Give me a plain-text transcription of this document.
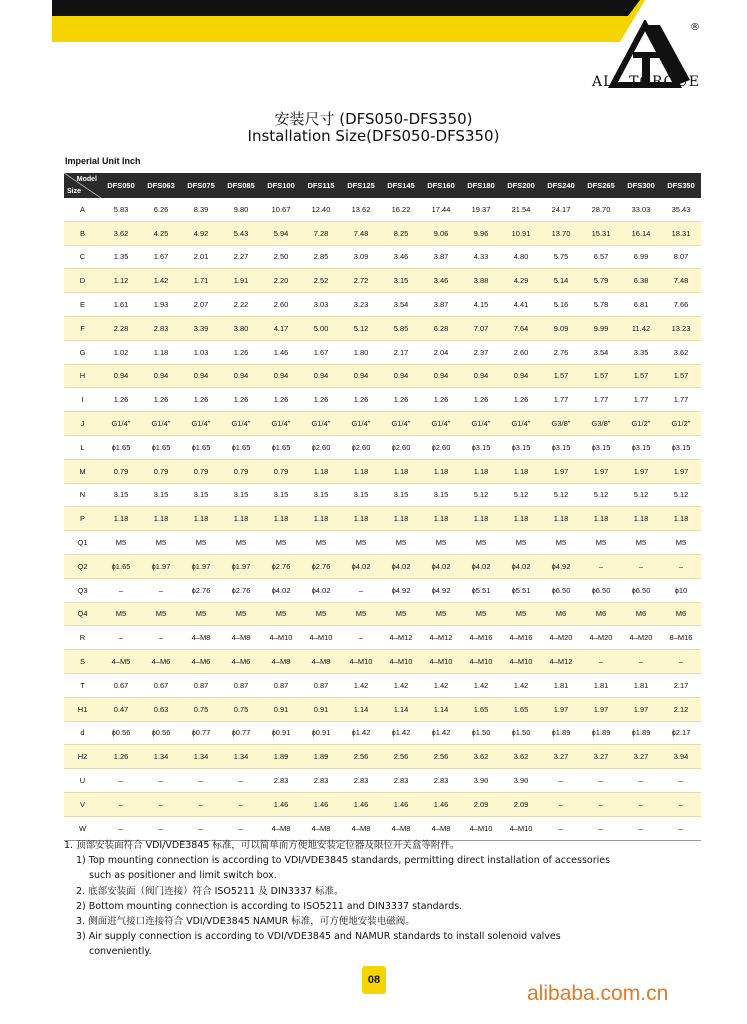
®
ALL TORQUE
安装尺寸 (DFS050-DFS350)
Installation Size(DFS050-DFS350)
Imperial Unit Inch
Model
Size	DFS050	DFS063	DFS075	DFS085	DFS100	DFS115	DFS125	DFS145	DFS160	DFS180	DFS200	DFS240	DFS265	DFS300	DFS350
A	5.83	6.26	8.39	9.80	10.67	12.40	13.62	16.22	17.44	19.37	21.54	24.17	28.70	33.03	35.43
B	3.62	4.25	4.92	5.43	5.94	7.28	7.48	8.25	9.06	9.96	10.91	13.70	15.31	16.14	18.31
C	1.35	1.67	2.01	2.27	2.50	2.85	3.09	3.46	3.87	4.33	4.80	5.75	6.57	6.99	8.07
D	1.12	1.42	1.71	1.91	2.20	2.52	2.72	3.15	3.46	3.88	4.29	5.14	5.79	6.38	7.48
E	1.61	1.93	2.07	2.22	2.60	3.03	3.23	3.54	3.87	4.15	4.41	5.16	5.78	6.81	7.66
F	2.28	2.83	3.39	3.80	4.17	5.00	5.12	5.85	6.28	7.07	7.64	9.09	9.99	11.42	13.23
G	1.02	1.18	1.03	1.26	1.46	1.67	1.80	2.17	2.04	2.37	2.60	2.76	3.54	3.35	3.62
H	0.94	0.94	0.94	0.94	0.94	0.94	0.94	0.94	0.94	0.94	0.94	1.57	1.57	1.57	1.57
I	1.26	1.26	1.26	1.26	1.26	1.26	1.26	1.26	1.26	1.26	1.26	1.77	1.77	1.77	1.77
J	G1/4"	G1/4"	G1/4"	G1/4"	G1/4"	G1/4"	G1/4"	G1/4"	G1/4"	G1/4"	G1/4"	G3/8"	G3/8"	G1/2"	G1/2"
L	ϕ1.65	ϕ1.65	ϕ1.65	ϕ1.65	ϕ1.65	ϕ2.60	ϕ2.60	ϕ2.60	ϕ2.60	ϕ3.15	ϕ3.15	ϕ3.15	ϕ3.15	ϕ3.15	ϕ3.15
M	0.79	0.79	0.79	0.79	0.79	1.18	1.18	1.18	1.18	1.18	1.18	1.97	1.97	1.97	1.97
N	3.15	3.15	3.15	3.15	3.15	3.15	3.15	3.15	3.15	5.12	5.12	5.12	5.12	5.12	5.12
P	1.18	1.18	1.18	1.18	1.18	1.18	1.18	1.18	1.18	1.18	1.18	1.18	1.18	1.18	1.18
Q1	M5	M5	M5	M5	M5	M5	M5	M5	M5	M5	M5	M5	M5	M5	M5
Q2	ϕ1.65	ϕ1.97	ϕ1.97	ϕ1.97	ϕ2.76	ϕ2.76	ϕ4.02	ϕ4.02	ϕ4.02	ϕ4.02	ϕ4.02	ϕ4.92	–	–	–
Q3	–	–	ϕ2.76	ϕ2.76	ϕ4.02	ϕ4.02	–	ϕ4.92	ϕ4.92	ϕ5.51	ϕ5.51	ϕ6.50	ϕ6.50	ϕ6.50	ϕ10
Q4	M5	M5	M5	M5	M5	M5	M5	M5	M5	M5	M5	M6	M6	M6	M6
R	–	–	4–M8	4–M8	4–M10	4–M10	–	4–M12	4–M12	4–M16	4–M16	4–M20	4–M20	4–M20	8–M16
S	4–M5	4–M6	4–M6	4–M6	4–M8	4–M8	4–M10	4–M10	4–M10	4–M10	4–M10	4–M12	–	–	–
T	0.67	0.67	0.87	0.87	0.87	0.87	1.42	1.42	1.42	1.42	1.42	1.81	1.81	1.81	2.17
H1	0.47	0.63	0.75	0.75	0.91	0.91	1.14	1.14	1.14	1.65	1.65	1.97	1.97	1.97	2.12
d	ϕ0.56	ϕ0.56	ϕ0.77	ϕ0.77	ϕ0.91	ϕ0.91	ϕ1.42	ϕ1.42	ϕ1.42	ϕ1.50	ϕ1.50	ϕ1.89	ϕ1.89	ϕ1.89	ϕ2.17
H2	1.26	1.34	1.34	1.34	1.89	1.89	2.56	2.56	2.56	3.62	3.62	3.27	3.27	3.27	3.94
U	–	–	–	–	2.83	2.83	2.83	2.83	2.83	3.90	3.90	–	–	–	–
V	–	–	–	–	1.46	1.46	1.46	1.46	1.46	2.09	2.09	–	–	–	–
W	–	–	–	–	4–M8	4–M8	4–M8	4–M8	4–M8	4–M10	4–M10	–	–	–	–
1. 顶部安装面符合 VDI/VDE3845 标准，可以简单而方便地安装定位器及限位开关盒等附件。
1) Top mounting connection is according to VDI/VDE3845 standards, permitting direct installation of accessories
such as positioner and limit switch box.
2. 底部安装面（阀门连接）符合 ISO5211 及 DIN3337 标准。
2) Bottom mounting connection is according to ISO5211 and DIN3337 standards.
3. 侧面进气接口连接符合 VDI/VDE3845 NAMUR 标准，可方便地安装电磁阀。
3) Air supply connection is according to VDI/VDE3845 and NAMUR standards to install solenoid valves
conveniently.
08
alibaba.com.cn
